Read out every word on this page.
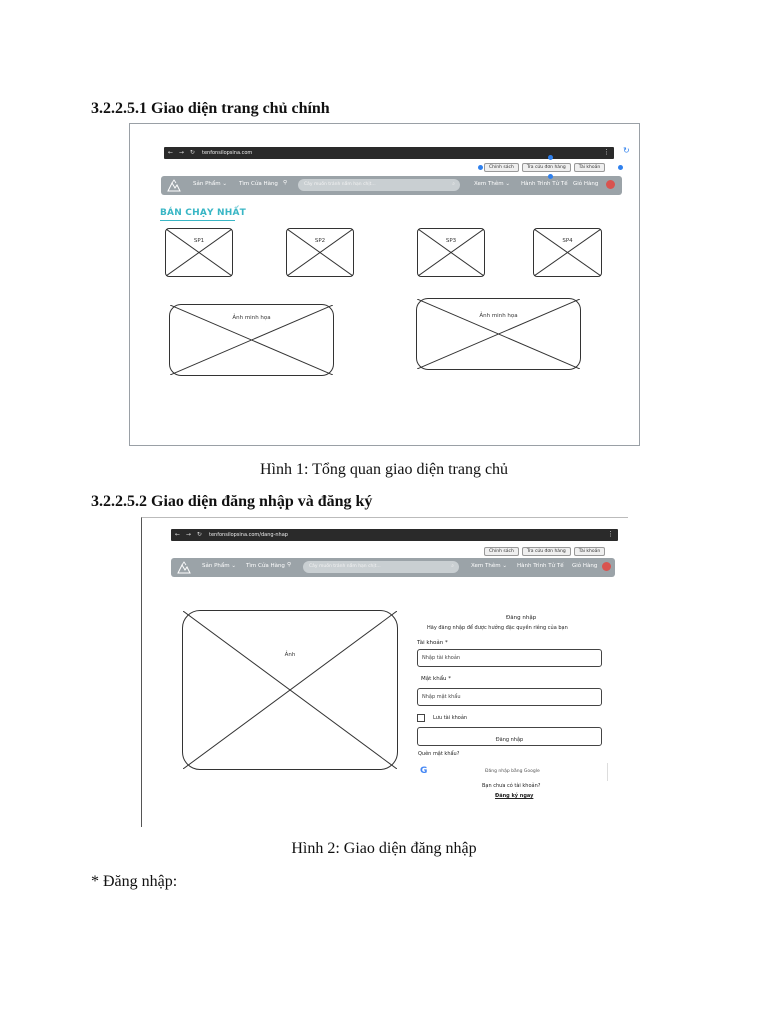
3.2.2.5.1 Giao diện trang chủ chính
← → ↻ tenfonsilopsina.com	⋮
Chính sách	Tra cứu đơn hàng	Tài khoản
Sản Phẩm ⌄ Tìm Cửa Hàng ⚲	Cây muốn tránh nắm hạn chịt...	⌕	Xem Thêm ⌄ Hành Trình Tử Tế Giỏ Hàng
BÁN CHẠY NHẤT
SP1	SP2	SP3	SP4
Ảnh minh họa	Ảnh minh họa
↻
Hình 1: Tổng quan giao diện trang chủ
3.2.2.5.2 Giao diện đăng nhập và đăng ký
← → ↻ tenfonsilopsina.com/dang-nhap	⋮
Chính sách	Tra cứu đơn hàng	Tài khoản
Sản Phẩm ⌄ Tìm Cửa Hàng ⚲	Cây muốn tránh nắm hạn chịt...	⌕	Xem Thêm ⌄ Hành Trình Tử Tế Giỏ Hàng
Ảnh
Đăng nhập
Hãy đăng nhập để được hưởng đặc quyền riêng của bạn
Tài khoản *
Nhập tài khoản
Mật khẩu *
Nhập mật khẩu
Lưu tài khoản
Đăng nhập
Quên mật khẩu?
G	Đăng nhập bằng Google
Bạn chưa có tài khoản?
Đăng ký ngay
Hình 2: Giao diện đăng nhập
* Đăng nhập:
